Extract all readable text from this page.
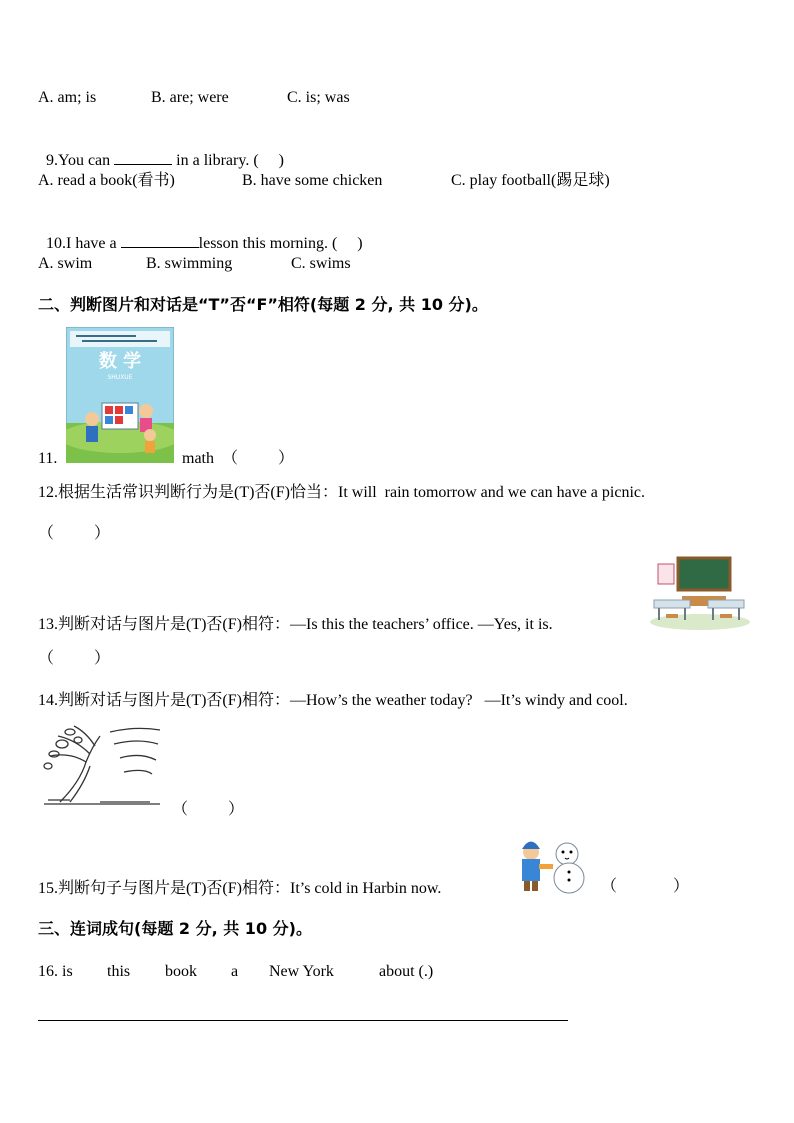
A. am; is	B. are; were	C. is; was

9.You can	in a library. (     )

A. read a book(看书)	B. have some chicken	C. play football(踢足球)

10.I have a	lesson this morning. (     )

A. swim	B. swimming	C. swims
二、判断图片和对话是“T”否“F”相符(每题 2 分, 共 10 分)。
数 学
SHUXUE
11.	math  （          ）
12.根据生活常识判断行为是(T)否(F)恰当：It will  rain tomorrow and we can have a picnic.
（          ）
13.判断对话与图片是(T)否(F)相符：—Is this the teachers’ office. —Yes, it is.
（          ）
14.判断对话与图片是(T)否(F)相符：—How’s the weather today?   —It’s windy and cool.
（          ）
15.判断句子与图片是(T)否(F)相符：It’s cold in Harbin now.	（              ）
三、连词成句(每题 2 分, 共 10 分)。
16. is this book a New York	about (.)
